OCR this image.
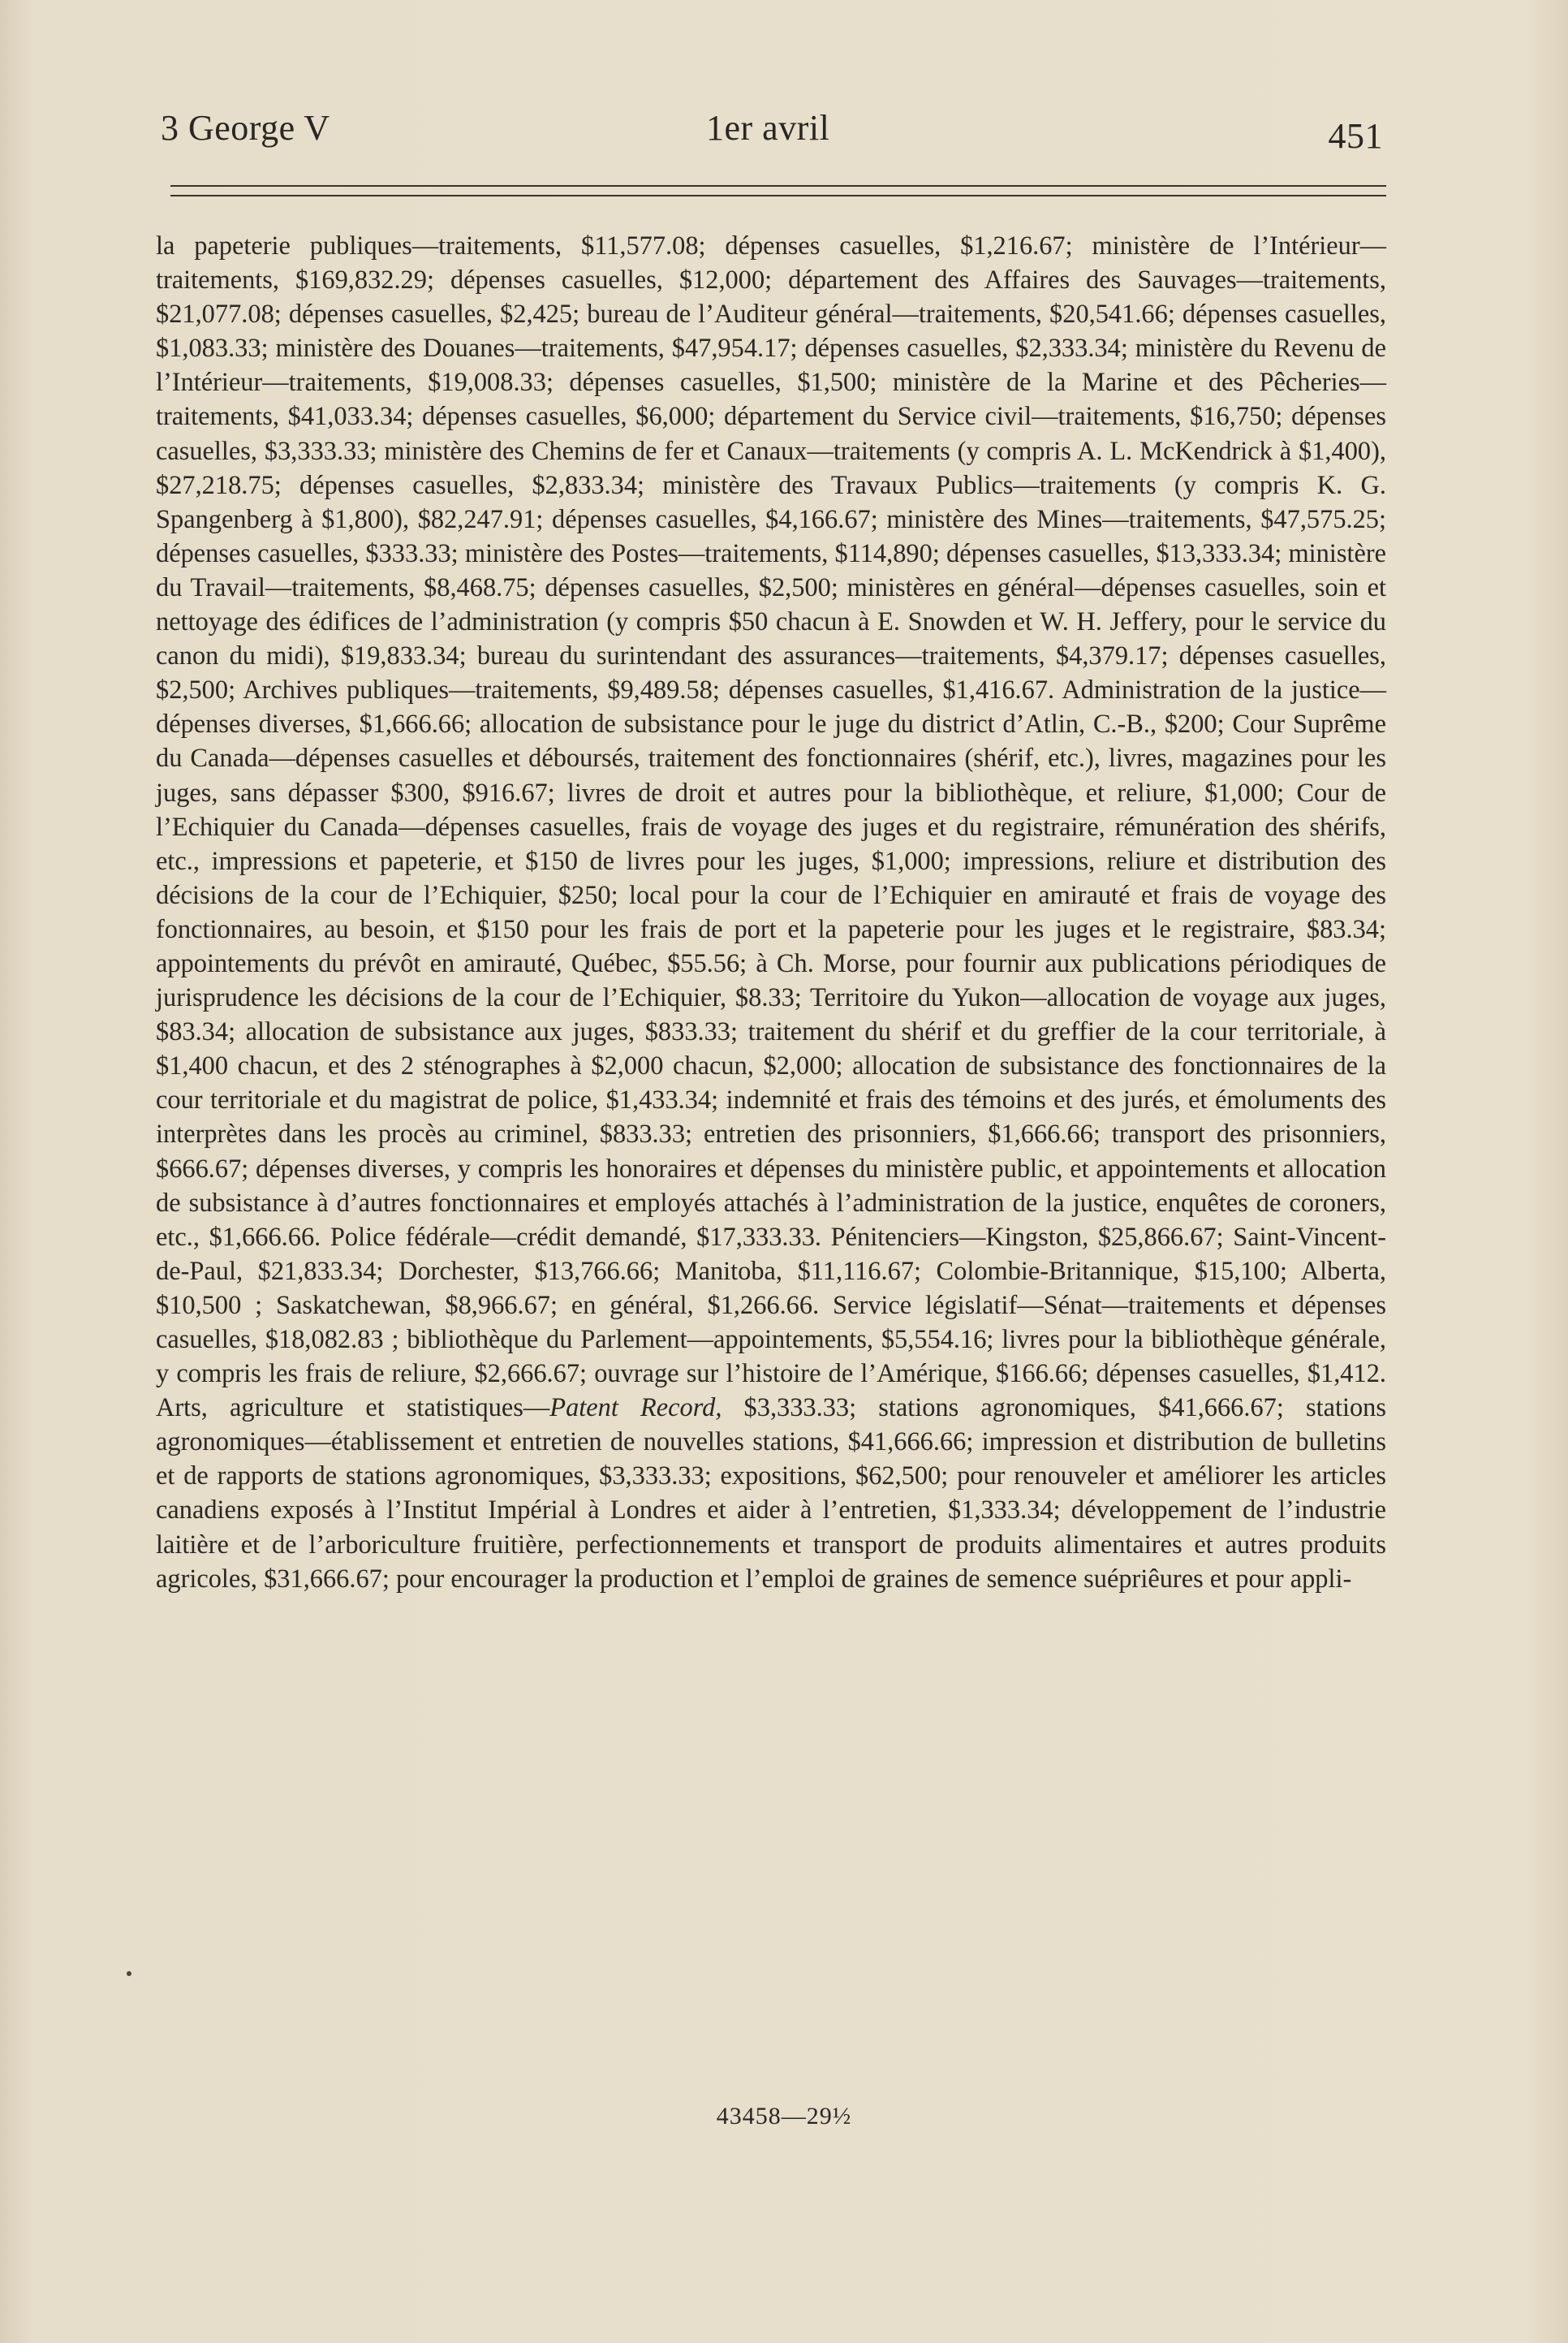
3 George V	1er avril	451
la papeterie publiques—traitements, $11,577.08; dépenses casuelles, $1,216.67; ministère de l’Intérieur—traitements, $169,832.29; dépenses casuelles, $12,000; département des Affaires des Sauvages—traitements, $21,077.08; dépenses casuelles, $2,425; bureau de l’Auditeur général—traitements, $20,541.66; dépenses casuelles, $1,083.33; ministère des Douanes—traitements, $47,954.17; dépenses casuelles, $2,333.34; ministère du Revenu de l’Intérieur—traitements, $19,008.33; dépenses casuelles, $1,500; ministère de la Marine et des Pêcheries—traitements, $41,033.34; dépenses casuelles, $6,000; département du Service civil—traitements, $16,750; dépenses casuelles, $3,333.33; ministère des Chemins de fer et Canaux—traitements (y compris A. L. McKendrick à $1,400), $27,218.75; dépenses casuelles, $2,833.34; ministère des Travaux Publics—traitements (y compris K. G. Spangenberg à $1,800), $82,247.91; dépenses casuelles, $4,166.67; ministère des Mines—traitements, $47,575.25; dépenses casuelles, $333.33; ministère des Postes—traitements, $114,890; dépenses casuelles, $13,333.34; ministère du Travail—traitements, $8,468.75; dépenses casuelles, $2,500; ministères en général—dépenses casuelles, soin et nettoyage des édifices de l’administration (y compris $50 chacun à E. Snowden et W. H. Jeffery, pour le service du canon du midi), $19,833.34; bureau du surintendant des assurances—traitements, $4,379.17; dépenses casuelles, $2,500; Archives publiques—traitements, $9,489.58; dépenses casuelles, $1,416.67. Administration de la justice—dépenses diverses, $1,666.66; allocation de subsistance pour le juge du district d’Atlin, C.-B., $200; Cour Suprême du Canada—dépenses casuelles et déboursés, traitement des fonctionnaires (shérif, etc.), livres, magazines pour les juges, sans dépasser $300, $916.67; livres de droit et autres pour la bibliothèque, et reliure, $1,000; Cour de l’Echiquier du Canada—dépenses casuelles, frais de voyage des juges et du registraire, rémunération des shérifs, etc., impressions et papeterie, et $150 de livres pour les juges, $1,000; impressions, reliure et distribution des décisions de la cour de l’Echiquier, $250; local pour la cour de l’Echiquier en amirauté et frais de voyage des fonctionnaires, au besoin, et $150 pour les frais de port et la papeterie pour les juges et le registraire, $83.34; appointements du prévôt en amirauté, Québec, $55.56; à Ch. Morse, pour fournir aux publications périodiques de jurisprudence les décisions de la cour de l’Echiquier, $8.33; Territoire du Yukon—allocation de voyage aux juges, $83.34; allocation de subsistance aux juges, $833.33; traitement du shérif et du greffier de la cour territoriale, à $1,400 chacun, et des 2 sténographes à $2,000 chacun, $2,000; allocation de subsistance des fonctionnaires de la cour territoriale et du magistrat de police, $1,433.34; indemnité et frais des témoins et des jurés, et émoluments des interprètes dans les procès au criminel, $833.33; entretien des prisonniers, $1,666.66; transport des prisonniers, $666.67; dépenses diverses, y compris les honoraires et dépenses du ministère public, et appointements et allocation de subsistance à d’autres fonctionnaires et employés attachés à l’administration de la justice, enquêtes de coroners, etc., $1,666.66. Police fédérale—crédit demandé, $17,333.33. Pénitenciers—Kingston, $25,866.67; Saint-Vincent-de-Paul, $21,833.34; Dorchester, $13,766.66; Manitoba, $11,116.67; Colombie-Britannique, $15,100; Alberta, $10,500 ; Saskatchewan, $8,966.67; en général, $1,266.66. Service législatif—Sénat—traitements et dépenses casuelles, $18,082.83 ; bibliothèque du Parlement—appointements, $5,554.16; livres pour la bibliothèque générale, y compris les frais de reliure, $2,666.67; ouvrage sur l’histoire de l’Amérique, $166.66; dépenses casuelles, $1,412. Arts, agriculture et statistiques—Patent Record, $3,333.33; stations agronomiques, $41,666.67; stations agronomiques—établissement et entretien de nouvelles stations, $41,666.66; impression et distribution de bulletins et de rapports de stations agronomiques, $3,333.33; expositions, $62,500; pour renouveler et améliorer les articles canadiens exposés à l’Institut Impérial à Londres et aider à l’entretien, $1,333.34; développement de l’industrie laitière et de l’arboriculture fruitière, perfectionnements et transport de produits alimentaires et autres produits agricoles, $31,666.67; pour encourager la production et l’emploi de graines de semence suépriêures et pour appli-
43458—29½
